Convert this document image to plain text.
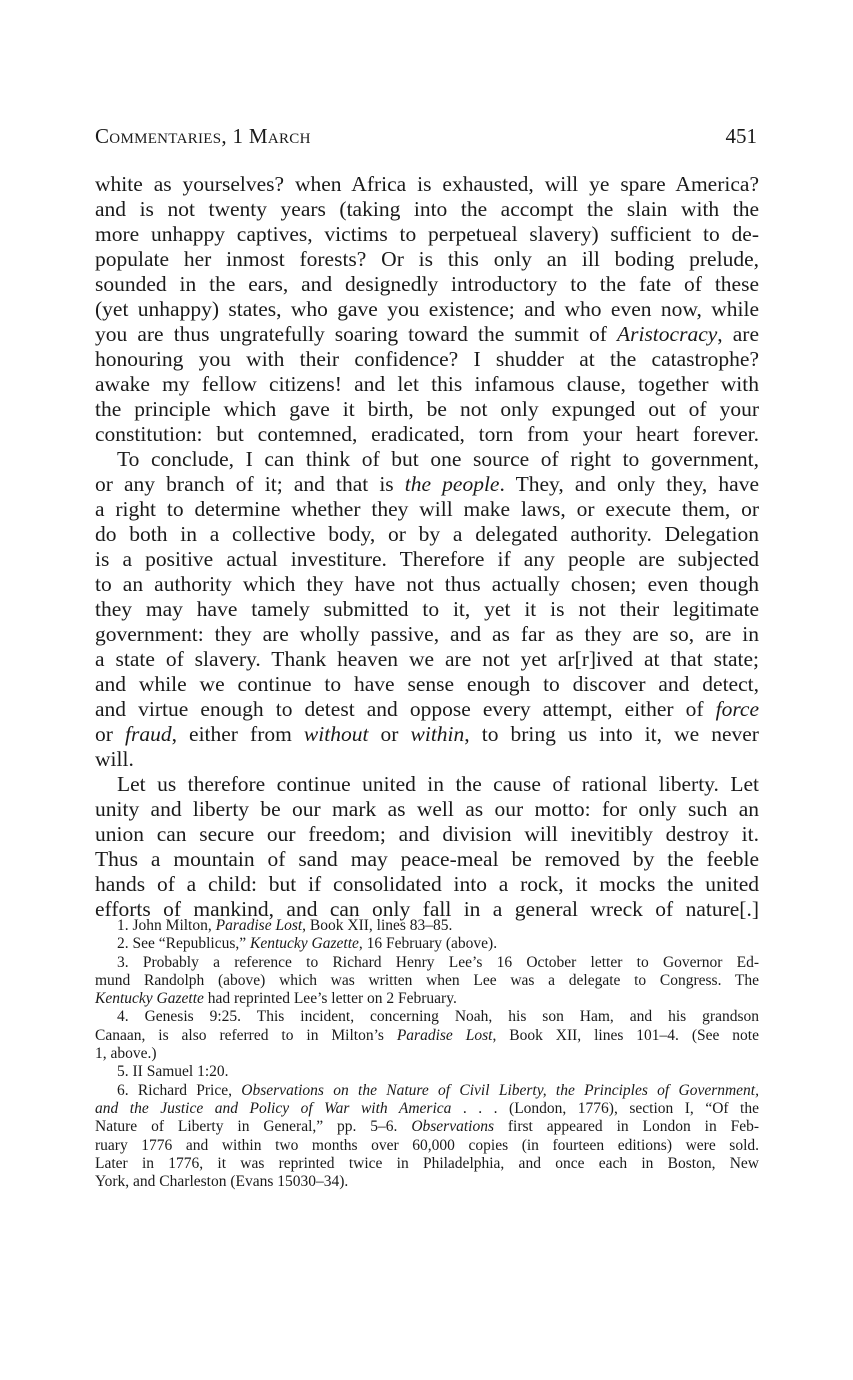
Commentaries, 1 March	451
white as yourselves? when Africa is exhausted, will ye spare America?
and is not twenty years (taking into the accompt the slain with the
more unhappy captives, victims to perpetueal slavery) sufficient to de-
populate her inmost forests? Or is this only an ill boding prelude,
sounded in the ears, and designedly introductory to the fate of these
(yet unhappy) states, who gave you existence; and who even now, while
you are thus ungratefully soaring toward the summit of Aristocracy, are
honouring you with their confidence? I shudder at the catastrophe?
awake my fellow citizens! and let this infamous clause, together with
the principle which gave it birth, be not only expunged out of your
constitution: but contemned, eradicated, torn from your heart forever.
To conclude, I can think of but one source of right to government,
or any branch of it; and that is the people. They, and only they, have
a right to determine whether they will make laws, or execute them, or
do both in a collective body, or by a delegated authority. Delegation
is a positive actual investiture. Therefore if any people are subjected
to an authority which they have not thus actually chosen; even though
they may have tamely submitted to it, yet it is not their legitimate
government: they are wholly passive, and as far as they are so, are in
a state of slavery. Thank heaven we are not yet ar[r]ived at that state;
and while we continue to have sense enough to discover and detect,
and virtue enough to detest and oppose every attempt, either of force
or fraud, either from without or within, to bring us into it, we never
will.
Let us therefore continue united in the cause of rational liberty. Let
unity and liberty be our mark as well as our motto: for only such an
union can secure our freedom; and division will inevitibly destroy it.
Thus a mountain of sand may peace-meal be removed by the feeble
hands of a child: but if consolidated into a rock, it mocks the united
efforts of mankind, and can only fall in a general wreck of nature[.]
1. John Milton, Paradise Lost, Book XII, lines 83–85.
2. See “Republicus,” Kentucky Gazette, 16 February (above).
3. Probably a reference to Richard Henry Lee’s 16 October letter to Governor Ed-
mund Randolph (above) which was written when Lee was a delegate to Congress. The
Kentucky Gazette had reprinted Lee’s letter on 2 February.
4. Genesis 9:25. This incident, concerning Noah, his son Ham, and his grandson
Canaan, is also referred to in Milton’s Paradise Lost, Book XII, lines 101–4. (See note
1, above.)
5. II Samuel 1:20.
6. Richard Price, Observations on the Nature of Civil Liberty, the Principles of Government,
and the Justice and Policy of War with America . . . (London, 1776), section I, “Of the
Nature of Liberty in General,” pp. 5–6. Observations first appeared in London in Feb-
ruary 1776 and within two months over 60,000 copies (in fourteen editions) were sold.
Later in 1776, it was reprinted twice in Philadelphia, and once each in Boston, New
York, and Charleston (Evans 15030–34).
